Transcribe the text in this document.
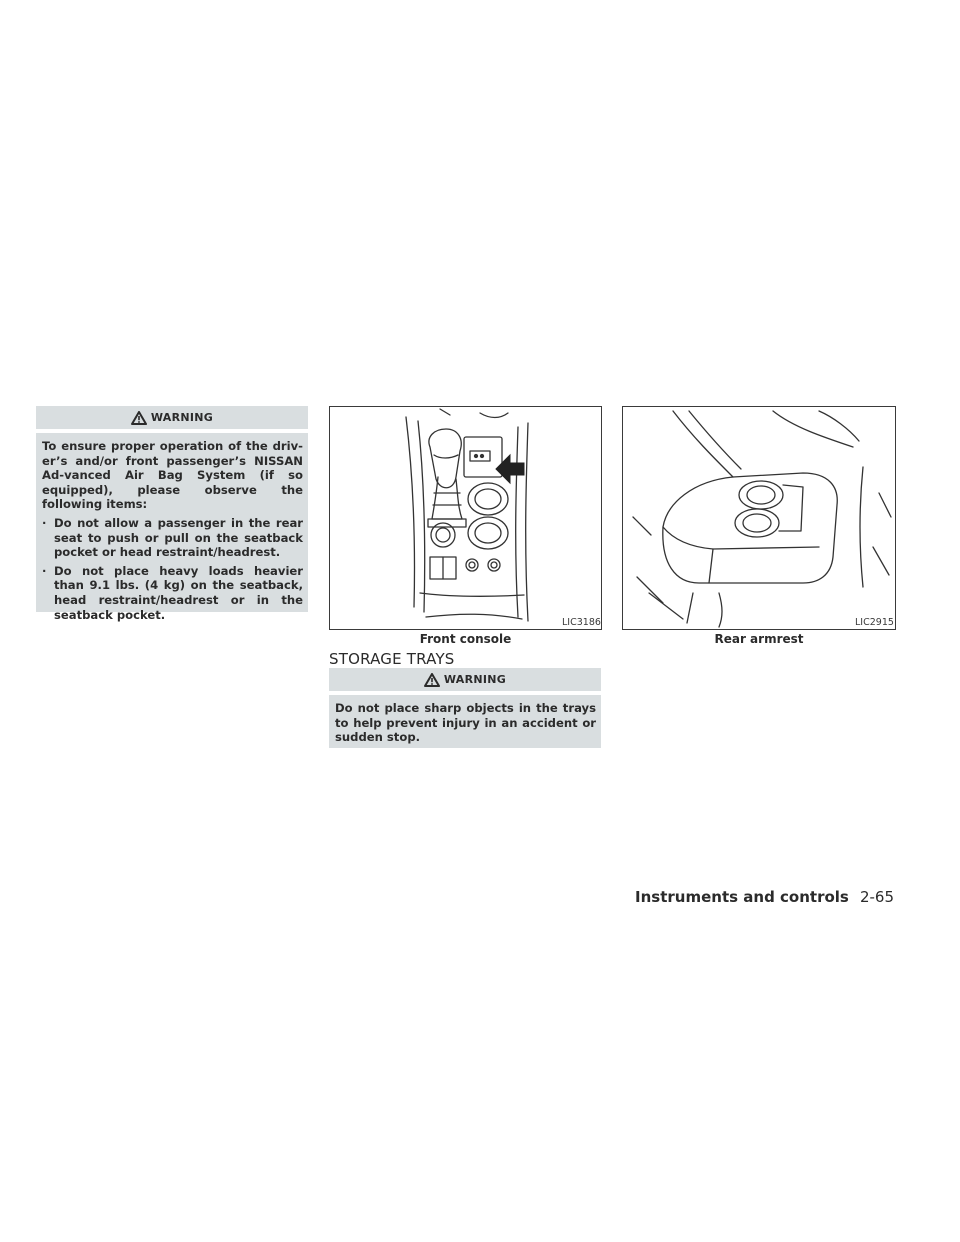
WARNING

To ensure proper operation of the driv-er’s and/or front passenger’s NISSAN Ad-vanced Air Bag System (if so equipped), please observe the following items:

· Do not allow a passenger in the rear seat to push or pull on the seatback pocket or head restraint/headrest.
· Do not place heavy loads heavier than 9.1 lbs. (4 kg) on the seatback, head restraint/headrest or in the seatback pocket.
LIC3186
Front console
LIC2915
Rear armrest
STORAGE TRAYS
WARNING

Do not place sharp objects in the trays to help prevent injury in an accident or sudden stop.

Instruments and controls 2-65
